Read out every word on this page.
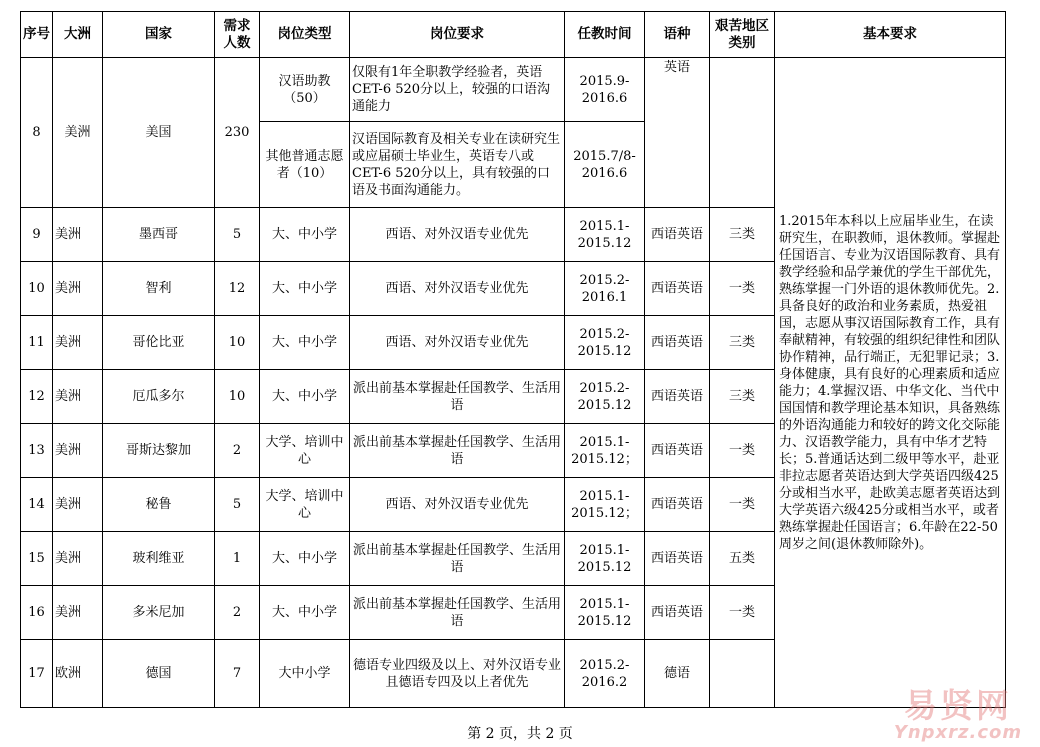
序号	大洲	国家	需求人数	岗位类型	岗位要求	任教时间	语种	艰苦地区类别	基本要求
8	美洲	美国	230	汉语助教（50）	仅限有1年全职教学经验者，英语CET-6 520分以上，较强的口语沟通能力	2015.9-2016.6	英语		1.2015年本科以上应届毕业生，在读研究生，在职教师，退休教师。掌握赴任国语言、专业为汉语国际教育、具有教学经验和品学兼优的学生干部优先，熟练掌握一门外语的退休教师优先。2.具备良好的政治和业务素质，热爱祖国，志愿从事汉语国际教育工作，具有奉献精神，有较强的组织纪律性和团队协作精神，品行端正，无犯罪记录；3.身体健康，具有良好的心理素质和适应能力；4.掌握汉语、中华文化、当代中国国情和教学理论基本知识，具备熟练的外语沟通能力和较好的跨文化交际能力、汉语教学能力，具有中华才艺特长；5.普通话达到二级甲等水平，赴亚非拉志愿者英语达到大学英语四级425分或相当水平，赴欧美志愿者英语达到大学英语六级425分或相当水平，或者熟练掌握赴任国语言；6.年龄在22-50周岁之间(退休教师除外)。
				其他普通志愿者（10）	汉语国际教育及相关专业在读研究生或应届硕士毕业生，英语专八或CET-6 520分以上，具有较强的口语及书面沟通能力。	2015.7/8-2016.6			
9	美洲	墨西哥	5	大、中小学	西语、对外汉语专业优先	2015.1-2015.12	西语英语	三类	
10	美洲	智利	12	大、中小学	西语、对外汉语专业优先	2015.2-2016.1	西语英语	一类	
11	美洲	哥伦比亚	10	大、中小学	西语、对外汉语专业优先	2015.2-2015.12	西语英语	三类	
12	美洲	厄瓜多尔	10	大、中小学	派出前基本掌握赴任国教学、生活用语	2015.2-2015.12	西语英语	三类	
13	美洲	哥斯达黎加	2	大学、培训中心	派出前基本掌握赴任国教学、生活用语	2015.1-2015.12；	西语英语	一类	
14	美洲	秘鲁	5	大学、培训中心	西语、对外汉语专业优先	2015.1-2015.12；	西语英语	一类	
15	美洲	玻利维亚	1	大、中小学	派出前基本掌握赴任国教学、生活用语	2015.1-2015.12	西语英语	五类	
16	美洲	多米尼加	2	大、中小学	派出前基本掌握赴任国教学、生活用语	2015.1-2015.12	西语英语	一类	
17	欧洲	德国	7	大中小学	德语专业四级及以上、对外汉语专业且德语专四及以上者优先	2015.2-2016.2	德语		
第 2 页，共 2 页
易贤网
Ynpxrz.com
